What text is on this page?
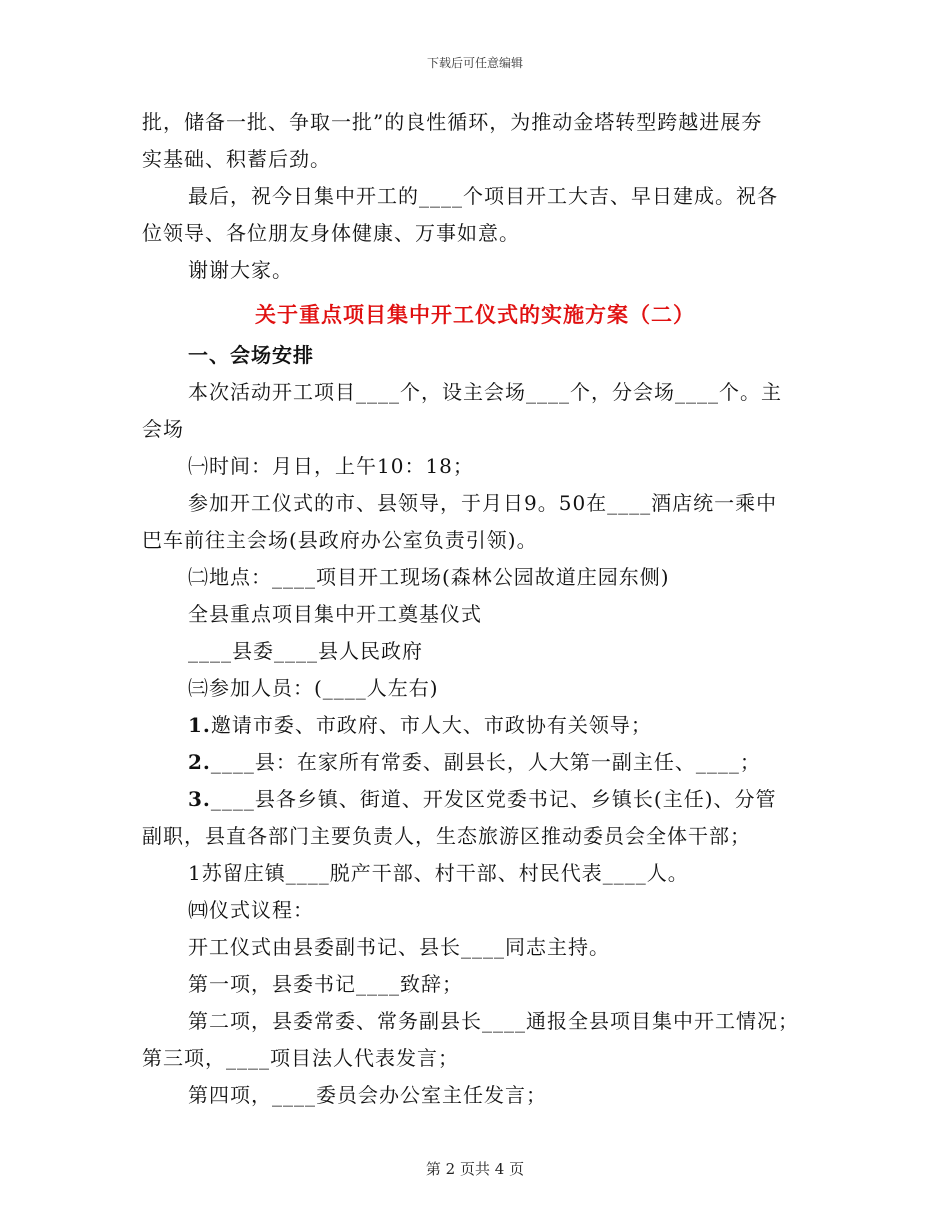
下载后可任意编辑
批，储备一批、争取一批”的良性循环，为推动金塔转型跨越进展夯
实基础、积蓄后劲。
最后，祝今日集中开工的____个项目开工大吉、早日建成。祝各
位领导、各位朋友身体健康、万事如意。
谢谢大家。
关于重点项目集中开工仪式的实施方案（二）
一、会场安排
本次活动开工项目____个，设主会场____个，分会场____个。主
会场
㈠时间：月日，上午10：18；
参加开工仪式的市、县领导，于月日9。50在____酒店统一乘中
巴车前往主会场(县政府办公室负责引领)。
㈡地点：____项目开工现场(森林公园故道庄园东侧)
全县重点项目集中开工奠基仪式
____县委____县人民政府
㈢参加人员：(____人左右)
1.邀请市委、市政府、市人大、市政协有关领导；
2.____县：在家所有常委、副县长，人大第一副主任、____；
3.____县各乡镇、街道、开发区党委书记、乡镇长(主任)、分管
副职，县直各部门主要负责人，生态旅游区推动委员会全体干部；
1苏留庄镇____脱产干部、村干部、村民代表____人。
㈣仪式议程：
开工仪式由县委副书记、县长____同志主持。
第一项，县委书记____致辞；
第二项，县委常委、常务副县长____通报全县项目集中开工情况；
第三项，____项目法人代表发言；
第四项，____委员会办公室主任发言；
第 2 页共 4 页
